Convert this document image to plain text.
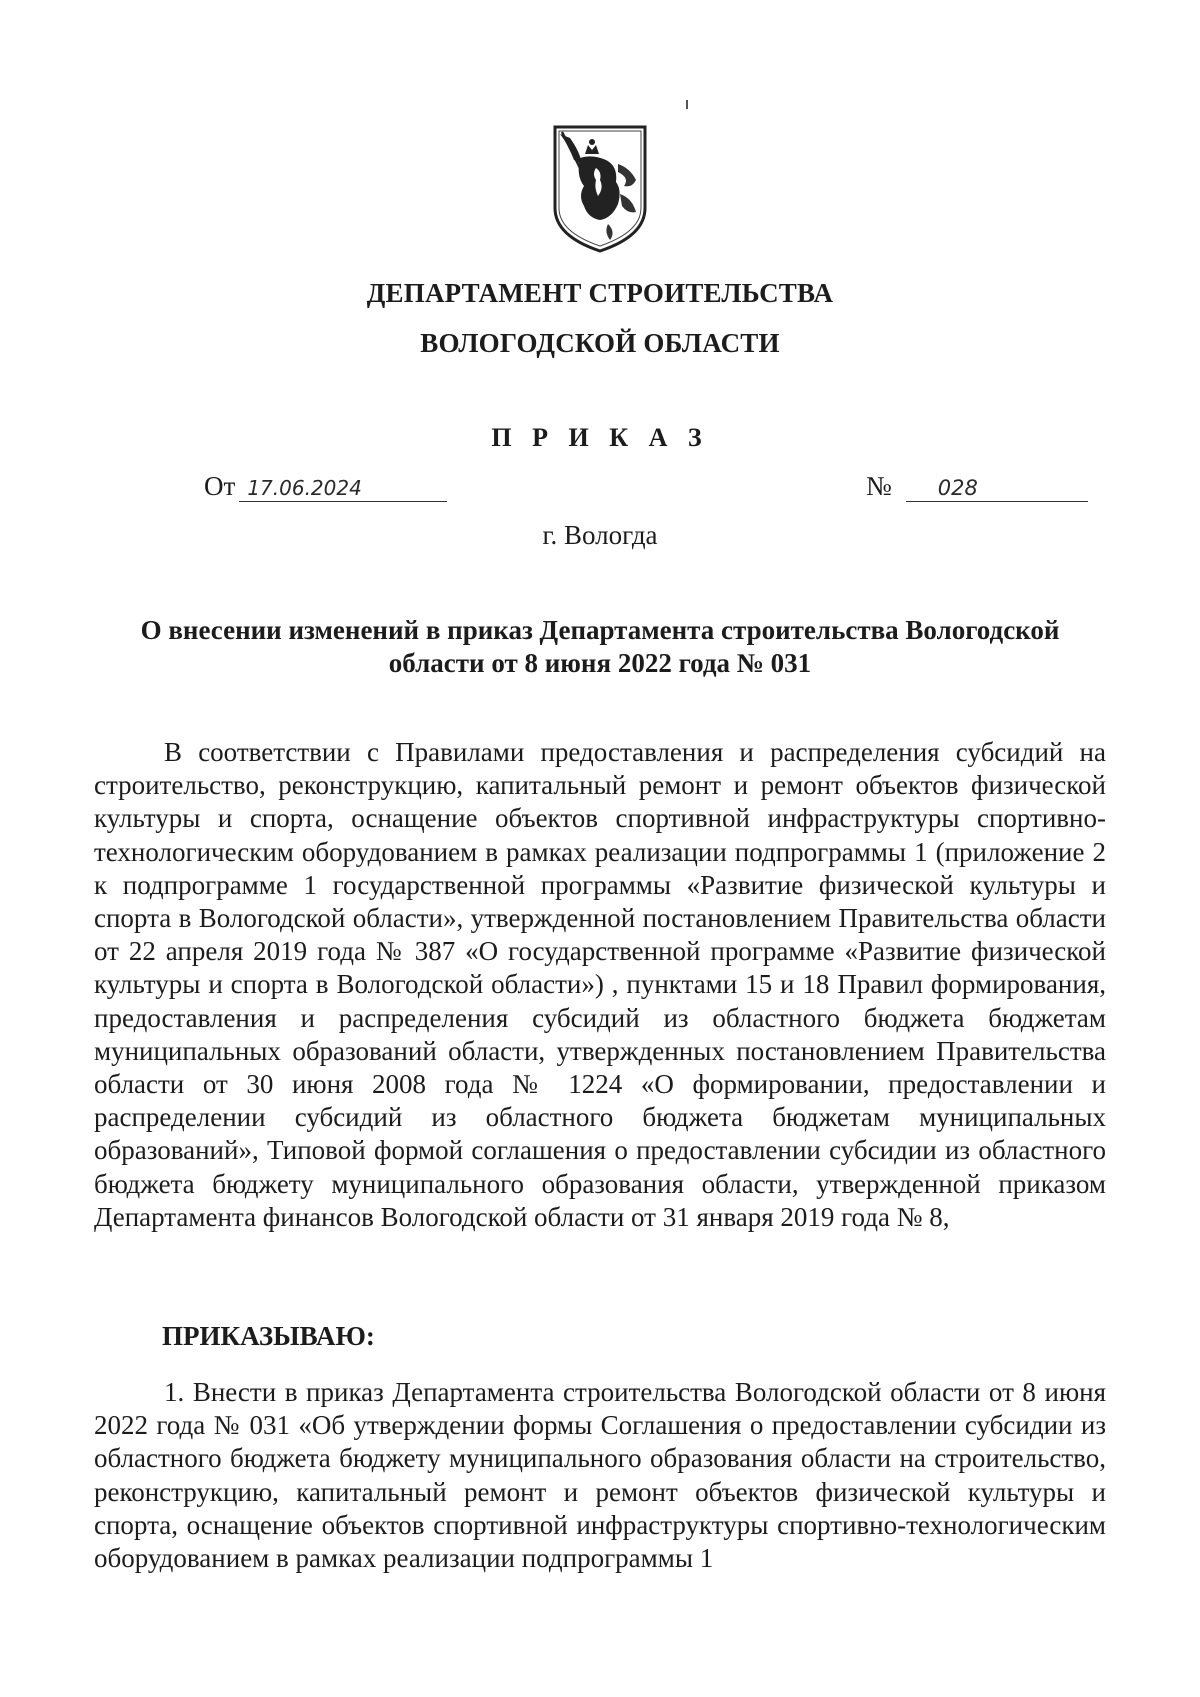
ДЕПАРТАМЕНТ СТРОИТЕЛЬСТВА
ВОЛОГОДСКОЙ ОБЛАСТИ
П Р И К А З
От 17.06.2024	№	028
г. Вологда
О внесении изменений в приказ Департамента строительства Вологодской области от 8 июня 2022 года № 031

В соответствии с Правилами предоставления и распределения субсидий на строительство, реконструкцию, капитальный ремонт и ремонт объектов физической культуры и спорта, оснащение объектов спортивной инфраструктуры спортивно-технологическим оборудованием в рамках реализации подпрограммы 1 (приложение 2 к подпрограмме 1 государственной программы «Развитие физической культуры и спорта в Вологодской области», утвержденной постановлением Правительства области от 22 апреля 2019 года № 387 «О государственной программе «Развитие физической культуры и спорта в Вологодской области») , пунктами 15 и 18 Правил формирования, предоставления и распределения субсидий из областного бюджета бюджетам муниципальных образований области, утвержденных постановлением Правительства области от 30 июня 2008 года № 1224 «О формировании, предоставлении и распределении субсидий из областного бюджета бюджетам муниципальных образований», Типовой формой соглашения о предоставлении субсидии из областного бюджета бюджету муниципального образования области, утвержденной приказом Департамента финансов Вологодской области от 31 января 2019 года № 8,

ПРИКАЗЫВАЮ:

1. Внести в приказ Департамента строительства Вологодской области от 8 июня 2022 года № 031 «Об утверждении формы Соглашения о предоставлении субсидии из областного бюджета бюджету муниципального образования области на строительство, реконструкцию, капитальный ремонт и ремонт объектов физической культуры и спорта, оснащение объектов спортивной инфраструктуры спортивно-технологическим оборудованием в рамках реализации подпрограммы 1
